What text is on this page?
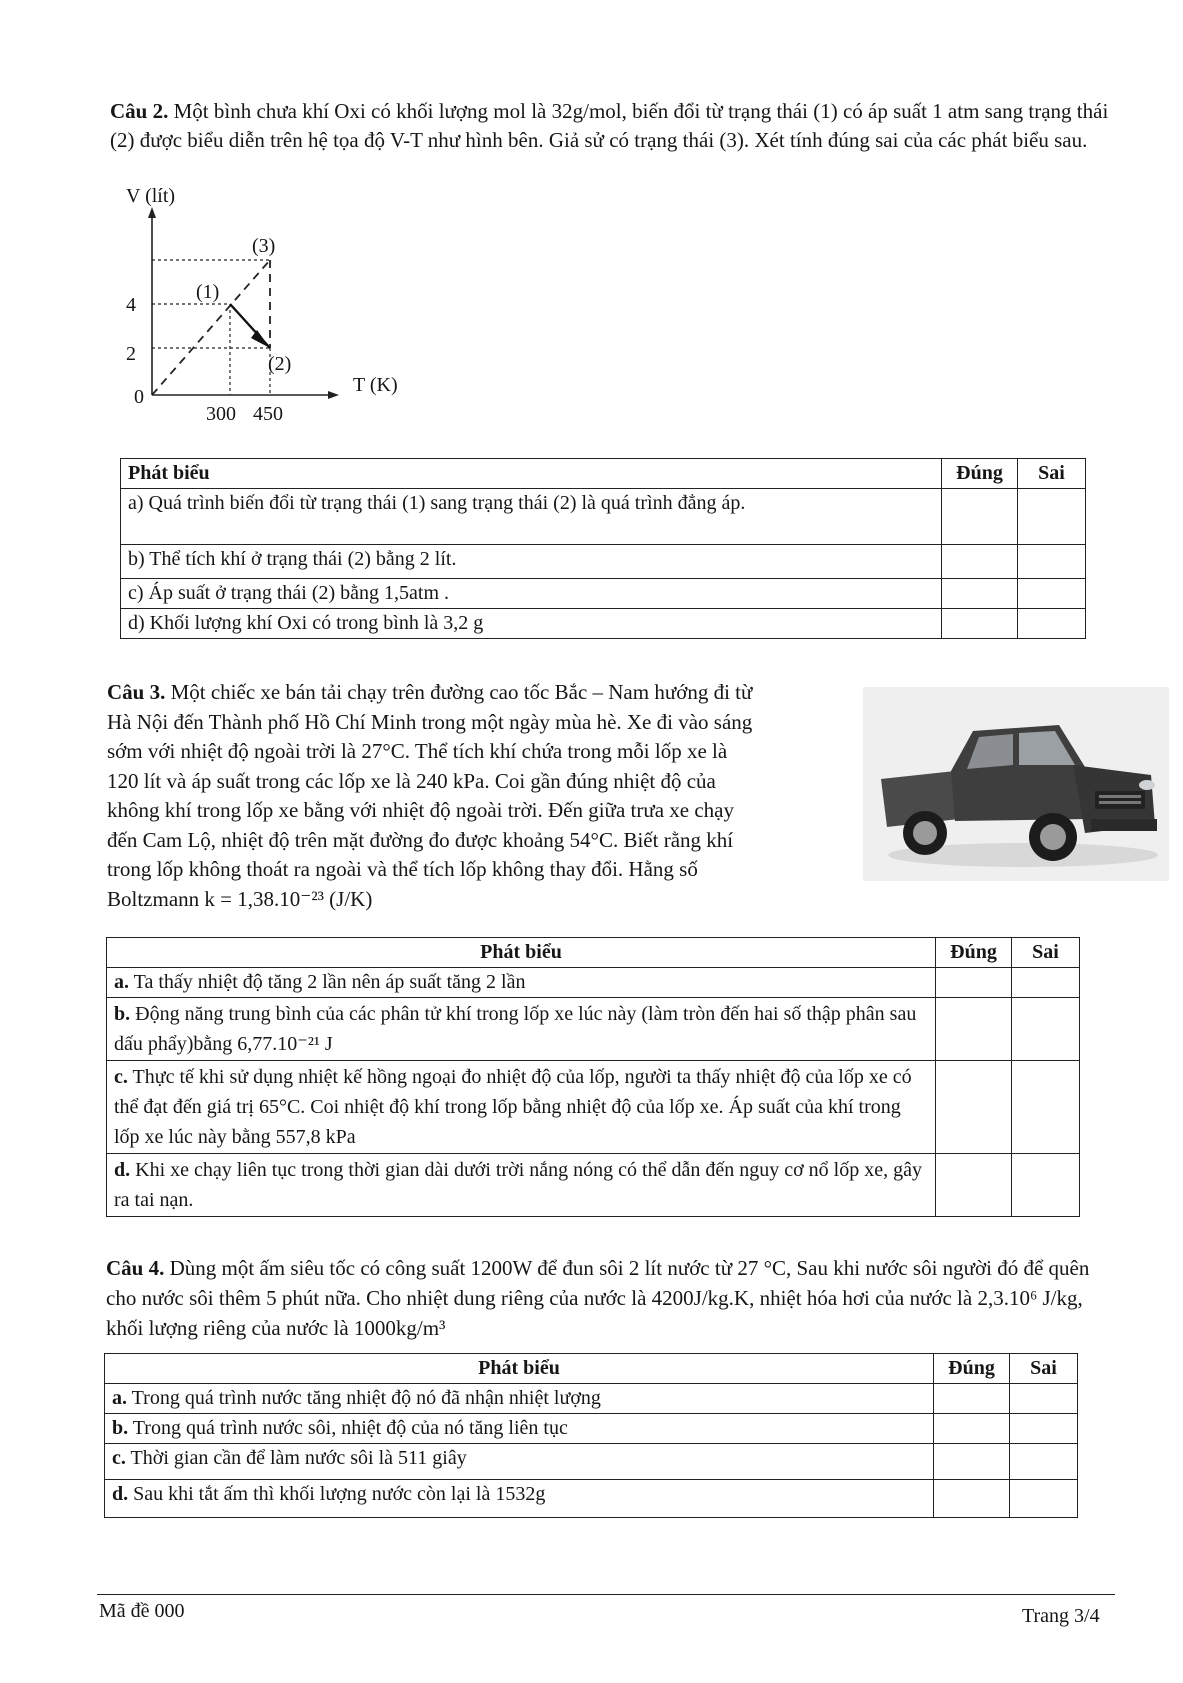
Câu 2. Một bình chưa khí Oxi có khối lượng mol là 32g/mol, biến đổi từ trạng thái (1) có áp suất 1 atm sang trạng thái (2) được biểu diễn trên hệ tọa độ V-T như hình bên. Giả sử có trạng thái (3). Xét tính đúng sai của các phát biểu sau.
V (lít)
T (K)
0
4
2
300 450
(1)
(2)
(3)
Phát biểu	Đúng	Sai
a) Quá trình biến đổi từ trạng thái (1) sang trạng thái (2) là quá trình đẳng áp.		
b) Thể tích khí ở trạng thái (2) bằng 2 lít.		
c) Áp suất ở trạng thái (2) bằng 1,5atm .		
d) Khối lượng khí Oxi có trong bình là 3,2 g		
Câu 3. Một chiếc xe bán tải chạy trên đường cao tốc Bắc – Nam hướng đi từ
Hà Nội đến Thành phố Hồ Chí Minh trong một ngày mùa hè. Xe đi vào sáng
sớm với nhiệt độ ngoài trời là 27°C. Thể tích khí chứa trong mỗi lốp xe là
120 lít và áp suất trong các lốp xe là 240 kPa. Coi gần đúng nhiệt độ của
không khí trong lốp xe bằng với nhiệt độ ngoài trời. Đến giữa trưa xe chạy
đến Cam Lộ, nhiệt độ trên mặt đường đo được khoảng 54°C. Biết rằng khí
trong lốp không thoát ra ngoài và thể tích lốp không thay đổi. Hằng số
Boltzmann k = 1,38.10⁻²³ (J/K)
Phát biểu	Đúng	Sai
a. Ta thấy nhiệt độ tăng 2 lần nên áp suất tăng 2 lần		
b. Động năng trung bình của các phân tử khí trong lốp xe lúc này (làm tròn đến hai số thập phân sau dấu phẩy)bằng 6,77.10⁻²¹ J		
c. Thực tế khi sử dụng nhiệt kế hồng ngoại đo nhiệt độ của lốp, người ta thấy nhiệt độ của lốp xe có thể đạt đến giá trị 65°C. Coi nhiệt độ khí trong lốp bằng nhiệt độ của lốp xe. Áp suất của khí trong lốp xe lúc này bằng 557,8 kPa		
d. Khi xe chạy liên tục trong thời gian dài dưới trời nắng nóng có thể dẫn đến nguy cơ nổ lốp xe, gây ra tai nạn.		
Câu 4. Dùng một ấm siêu tốc có công suất 1200W để đun sôi 2 lít nước từ 27 °C, Sau khi nước sôi người đó để quên cho nước sôi thêm 5 phút nữa. Cho nhiệt dung riêng của nước là 4200J/kg.K, nhiệt hóa hơi của nước là 2,3.10⁶ J/kg, khối lượng riêng của nước là 1000kg/m³
Phát biểu	Đúng	Sai
a. Trong quá trình nước tăng nhiệt độ nó đã nhận nhiệt lượng		
b. Trong quá trình nước sôi, nhiệt độ của nó tăng liên tục		
c. Thời gian cần để làm nước sôi là 511 giây		
d. Sau khi tắt ấm thì khối lượng nước còn lại là 1532g		
Mã đề 000	Trang 3/4
